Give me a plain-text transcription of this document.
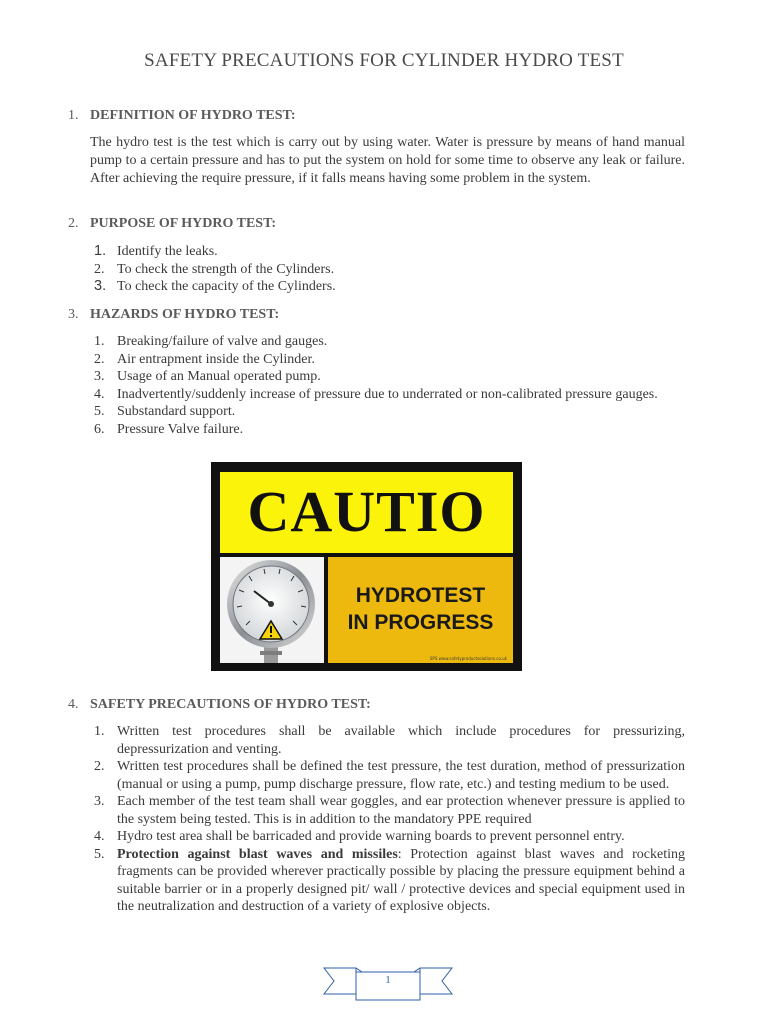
SAFETY PRECAUTIONS FOR CYLINDER HYDRO TEST
1. DEFINITION OF HYDRO TEST:

The hydro test is the test which is carry out by using water. Water is pressure by means of hand manual pump to a certain pressure and has to put the system on hold for some time to observe any leak or failure. After achieving the require pressure, if it falls means having some problem in the system.

2. PURPOSE OF HYDRO TEST:
1. Identify the leaks.
2. To check the strength of the Cylinders.
3. To check the capacity of the Cylinders.
3. HAZARDS OF HYDRO TEST:
1. Breaking/failure of valve and gauges.
2. Air entrapment inside the Cylinder.
3. Usage of an Manual operated pump.
4. Inadvertently/suddenly increase of pressure due to underrated or non-calibrated pressure gauges.
5. Substandard support.
6. Pressure Valve failure.
CAUTIO
HYDROTEST
IN PROGRESS
SPS www.safetyproductsolutions.co.uk
4. SAFETY PRECAUTIONS OF HYDRO TEST:
1. Written test procedures shall be available which include procedures for pressurizing, depressurization and venting.
2. Written test procedures shall be defined the test pressure, the test duration, method of pressurization (manual or using a pump, pump discharge pressure, flow rate, etc.) and testing medium to be used.
3. Each member of the test team shall wear goggles, and ear protection whenever pressure is applied to the system being tested. This is in addition to the mandatory PPE required
4. Hydro test area shall be barricaded and provide warning boards to prevent personnel entry.
5. Protection against blast waves and missiles: Protection against blast waves and rocketing fragments can be provided wherever practically possible by placing the pressure equipment behind a suitable barrier or in a properly designed pit/ wall / protective devices and special equipment used in the neutralization and destruction of a variety of explosive objects.
1
